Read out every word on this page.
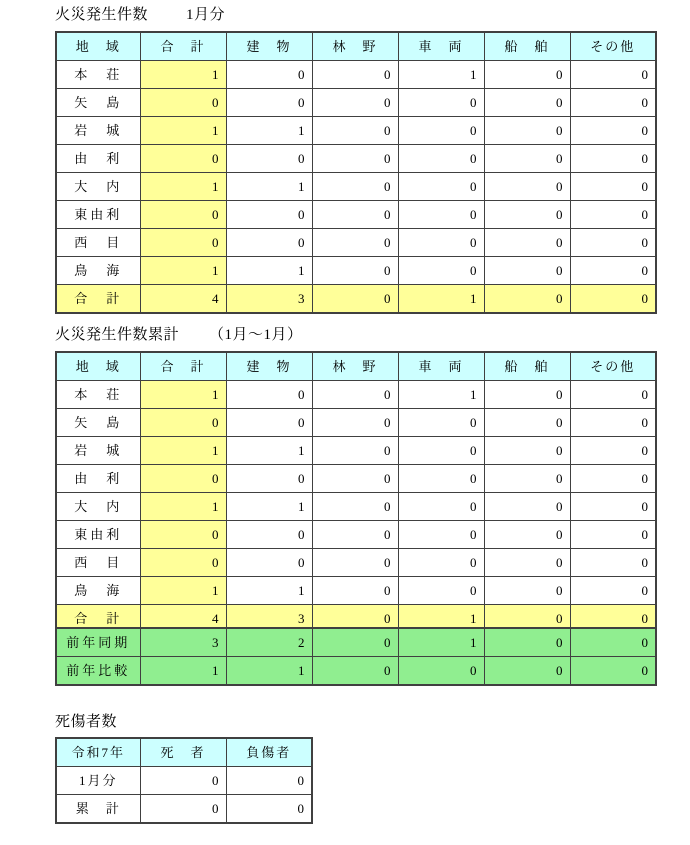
火災発生件数	1月分
地　域	合　計	建　物	林　野	車　両	船　舶	その他
本　荘	1	0	0	1	0	0
矢　島	0	0	0	0	0	0
岩　城	1	1	0	0	0	0
由　利	0	0	0	0	0	0
大　内	1	1	0	0	0	0
東由利	0	0	0	0	0	0
西　目	0	0	0	0	0	0
鳥　海	1	1	0	0	0	0
合　計	4	3	0	1	0	0
火災発生件数累計 （1月～1月）
地　域	合　計	建　物	林　野	車　両	船　舶	その他
本　荘	1	0	0	1	0	0
矢　島	0	0	0	0	0	0
岩　城	1	1	0	0	0	0
由　利	0	0	0	0	0	0
大　内	1	1	0	0	0	0
東由利	0	0	0	0	0	0
西　目	0	0	0	0	0	0
鳥　海	1	1	0	0	0	0
合　計	4	3	0	1	0	0
前年同期	3	2	0	1	0	0
前年比較	1	1	0	0	0	0
死傷者数
令和7年	死　者	負傷者
1月分	0	0
累　計	0	0
